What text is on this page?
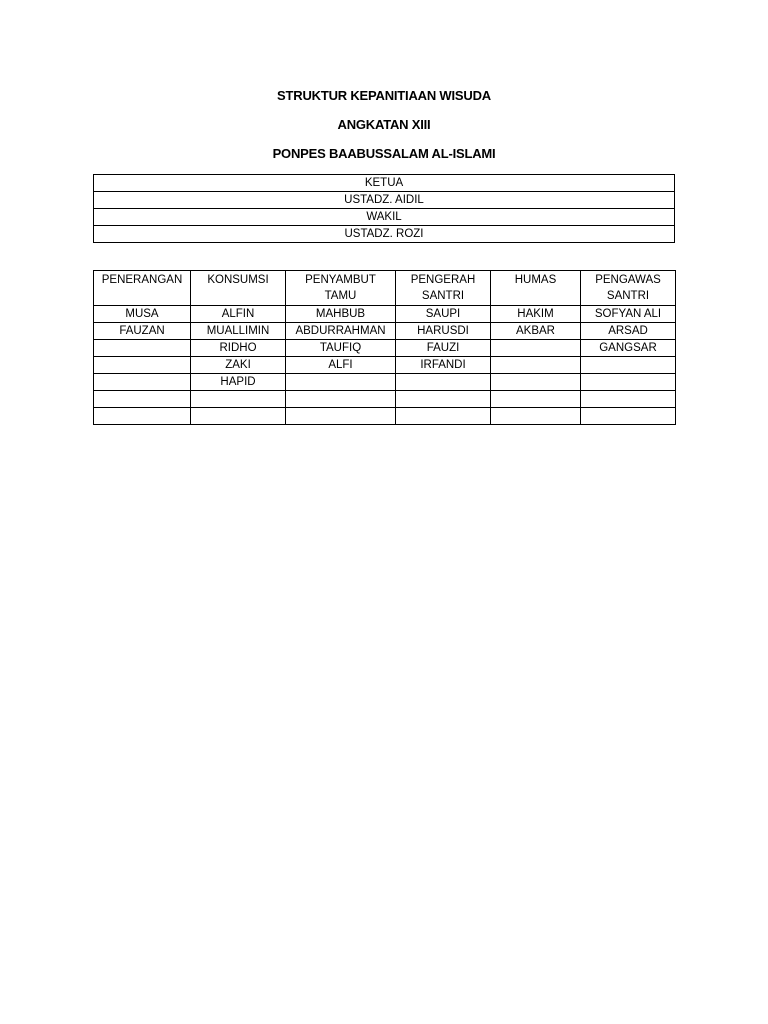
STRUKTUR KEPANITIAAN WISUDA
ANGKATAN XIII
PONPES BAABUSSALAM AL-ISLAMI
KETUA
USTADZ. AIDIL
WAKIL
USTADZ. ROZI
PENERANGAN	KONSUMSI	PENYAMBUT TAMU	PENGERAH SANTRI	HUMAS	PENGAWAS SANTRI
MUSA	ALFIN	MAHBUB	SAUPI	HAKIM	SOFYAN ALI
FAUZAN	MUALLIMIN	ABDURRAHMAN	HARUSDI	AKBAR	ARSAD
	RIDHO	TAUFIQ	FAUZI		GANGSAR
	ZAKI	ALFI	IRFANDI		
	HAPID				
